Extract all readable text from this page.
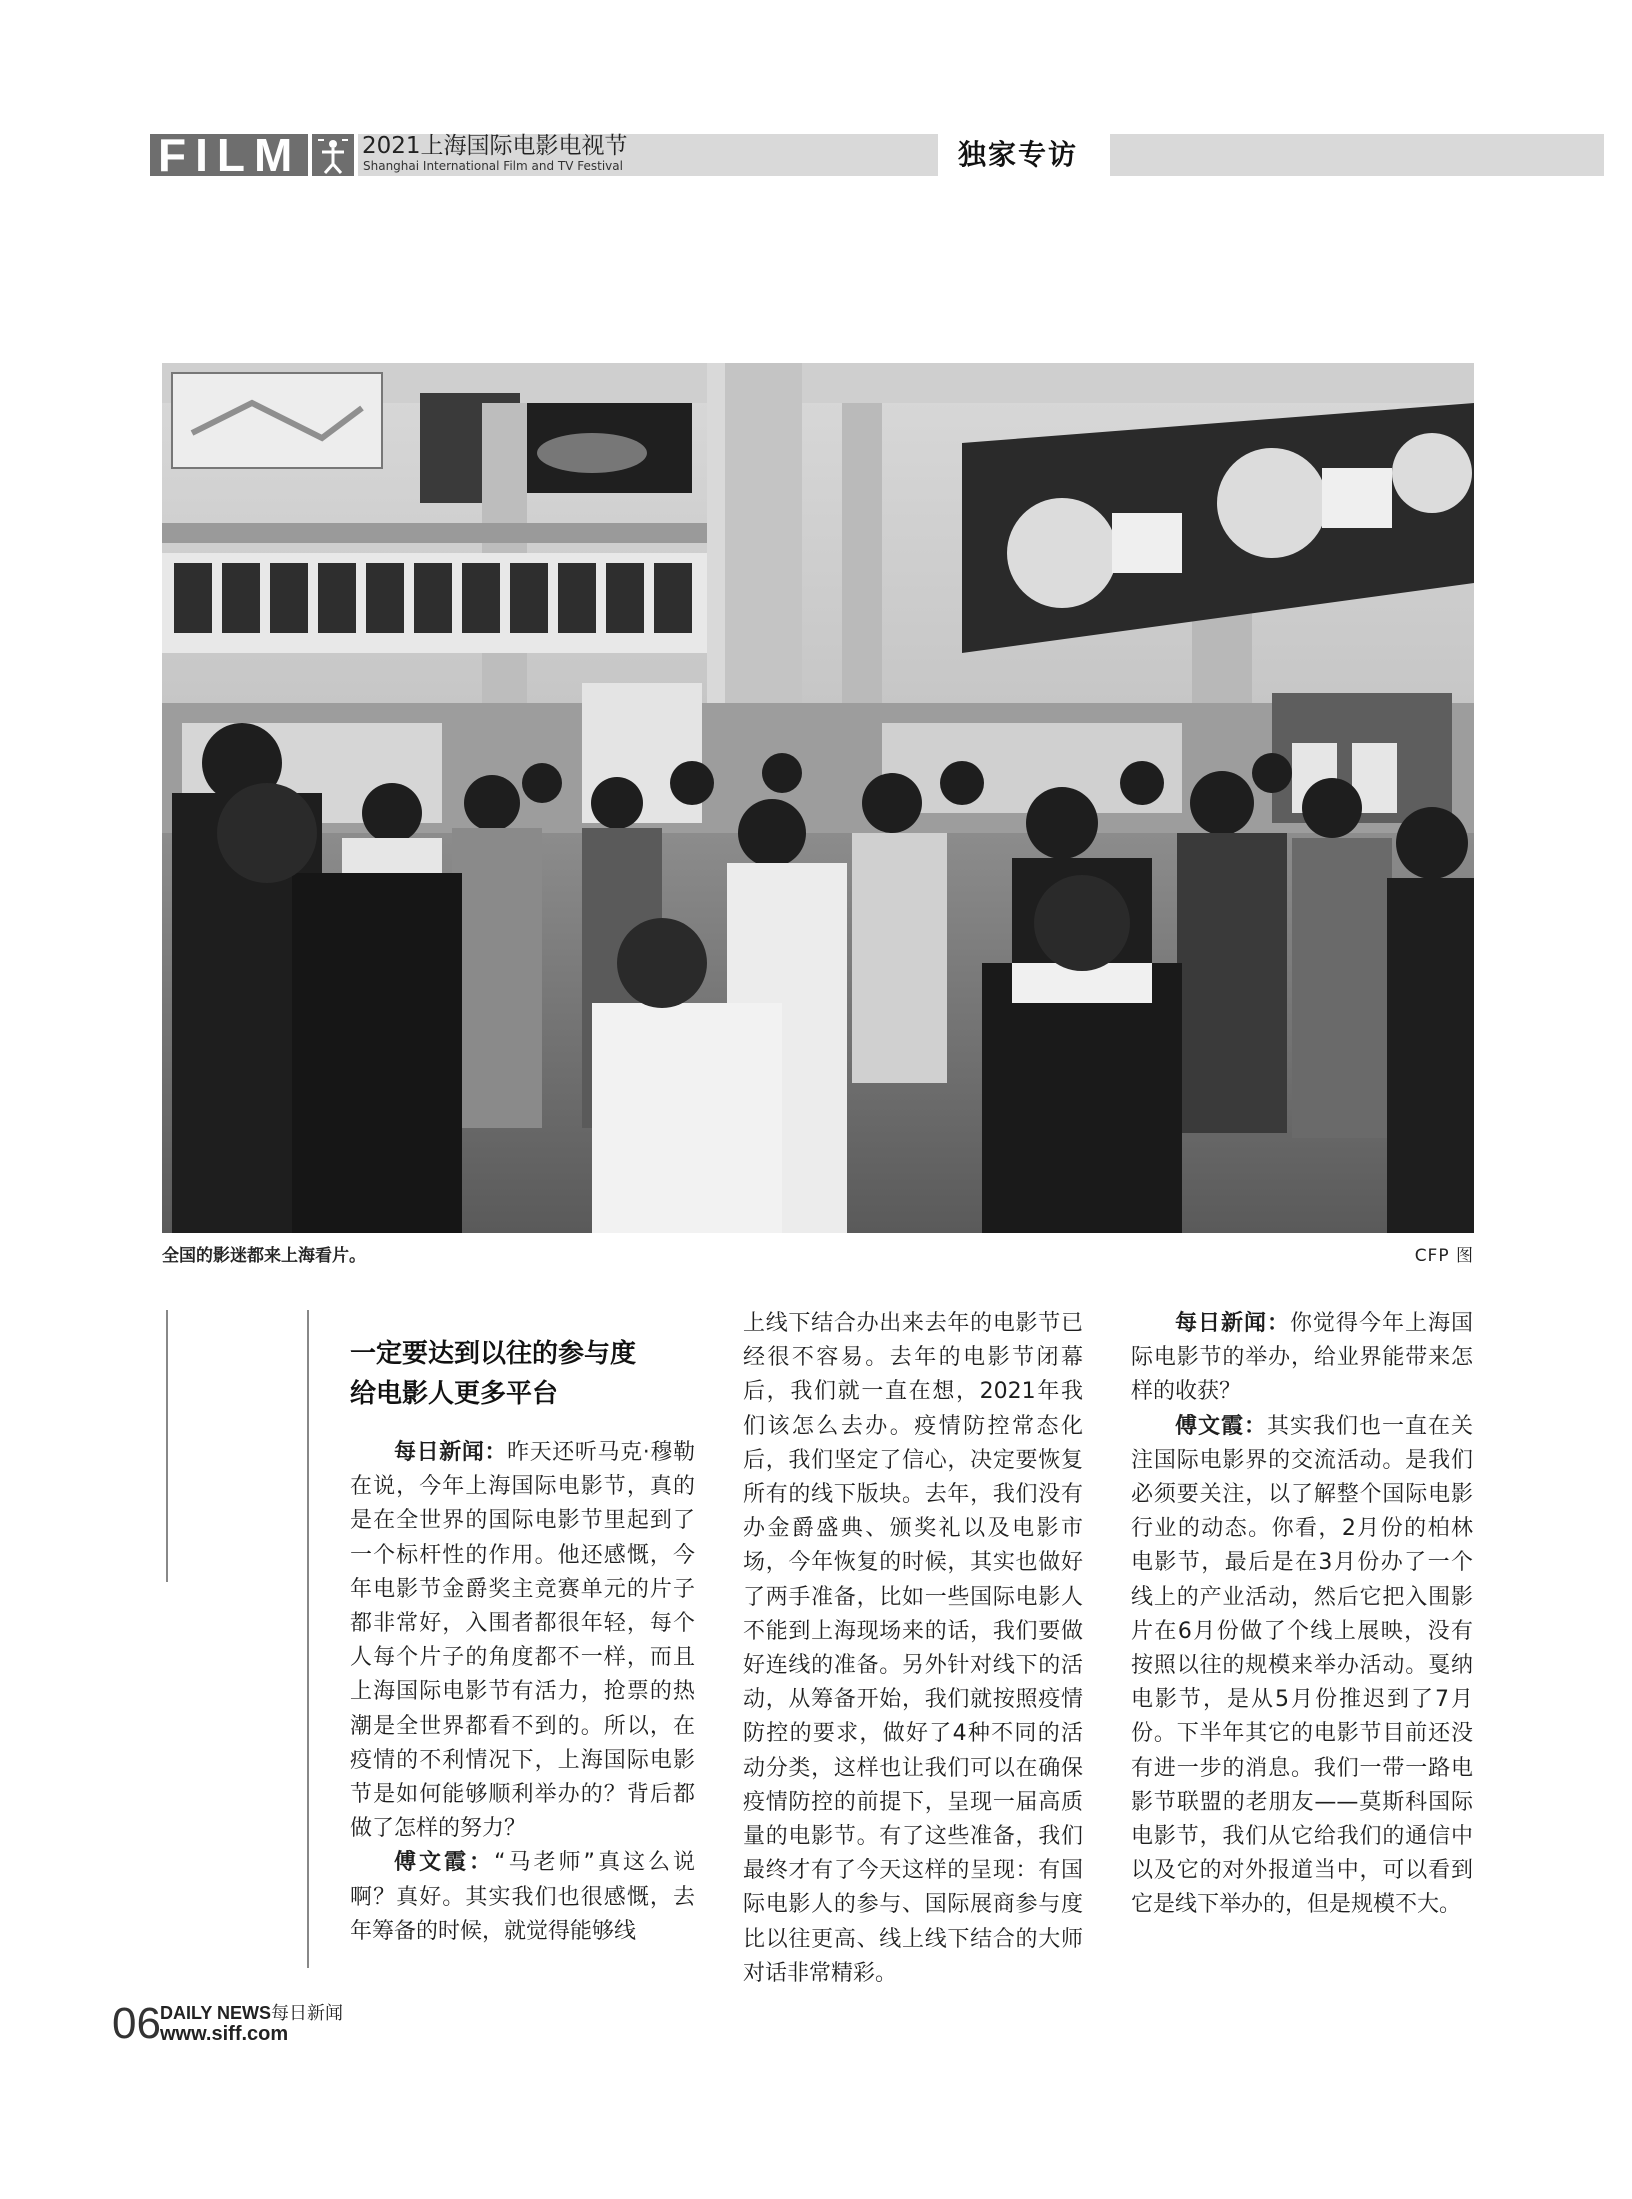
FILM	2021上海国际电影电视节
Shanghai International Film and TV Festival	独家专访
全国的影迷都来上海看片。	CFP 图
一定要达到以往的参与度
给电影人更多平台

每日新闻：昨天还听马克·穆勒在说，今年上海国际电影节，真的是在全世界的国际电影节里起到了一个标杆性的作用。他还感慨，今年电影节金爵奖主竞赛单元的片子都非常好，入围者都很年轻，每个人每个片子的角度都不一样，而且上海国际电影节有活力，抢票的热潮是全世界都看不到的。所以，在疫情的不利情况下，上海国际电影节是如何能够顺利举办的？背后都做了怎样的努力？

傅文霞：“马老师”真这么说啊？真好。其实我们也很感慨，去年筹备的时候，就觉得能够线

上线下结合办出来去年的电影节已经很不容易。去年的电影节闭幕后，我们就一直在想，2021年我们该怎么去办。疫情防控常态化后，我们坚定了信心，决定要恢复所有的线下版块。去年，我们没有办金爵盛典、颁奖礼以及电影市场，今年恢复的时候，其实也做好了两手准备，比如一些国际电影人不能到上海现场来的话，我们要做好连线的准备。另外针对线下的活动，从筹备开始，我们就按照疫情防控的要求，做好了4种不同的活动分类，这样也让我们可以在确保疫情防控的前提下，呈现一届高质量的电影节。有了这些准备，我们最终才有了今天这样的呈现：有国际电影人的参与、国际展商参与度比以往更高、线上线下结合的大师对话非常精彩。

每日新闻：你觉得今年上海国际电影节的举办，给业界能带来怎样的收获？

傅文霞：其实我们也一直在关注国际电影界的交流活动。是我们必须要关注，以了解整个国际电影行业的动态。你看，2月份的柏林电影节，最后是在3月份办了一个线上的产业活动，然后它把入围影片在6月份做了个线上展映，没有按照以往的规模来举办活动。戛纳电影节，是从5月份推迟到了7月份。下半年其它的电影节目前还没有进一步的消息。我们一带一路电影节联盟的老朋友——莫斯科国际电影节，我们从它给我们的通信中以及它的对外报道当中，可以看到它是线下举办的，但是规模不大。

06 DAILY NEWS每日新闻
www.siff.com
